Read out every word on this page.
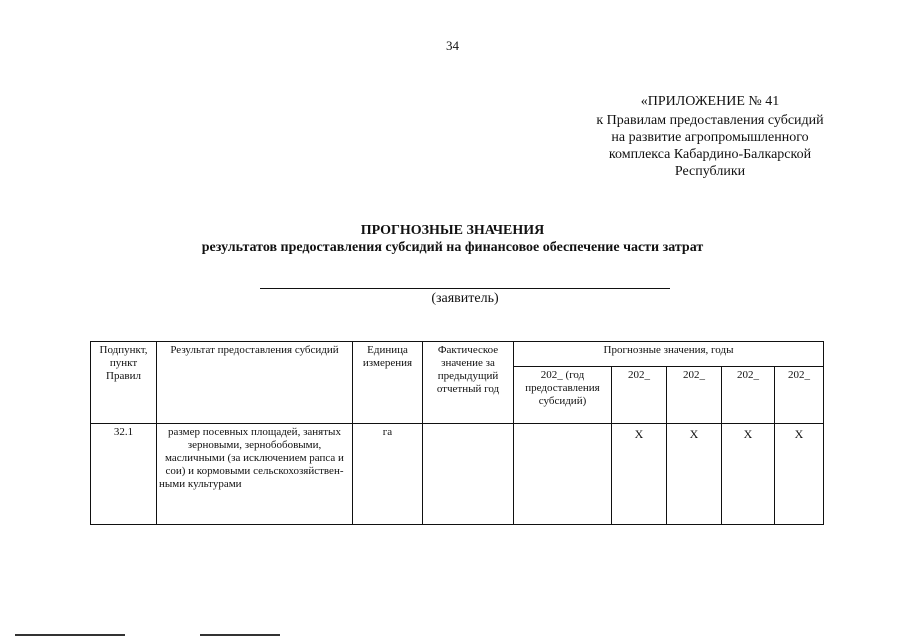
34
«ПРИЛОЖЕНИЕ № 41
к Правилам предоставления субсидий
на развитие агропромышленного
комплекса Кабардино-Балкарской
Республики
ПРОГНОЗНЫЕ ЗНАЧЕНИЯ
результатов предоставления субсидий на финансовое обеспечение части затрат
(заявитель)
Подпункт, пункт Правил	Результат предоставления субсидий	Единица измерения	Фактическое значение за предыдущий отчетный год	Прогнозные значения, годы				
				202_ (год предоставления субсидий)	202_	202_	202_	202_
32.1	размер посевных площадей, занятых зерновыми, зернобобовыми, масличными (за исключением рапса и сои) и кормовыми сельскохозяйствен-ными культурами	га			Х	Х	Х	Х
